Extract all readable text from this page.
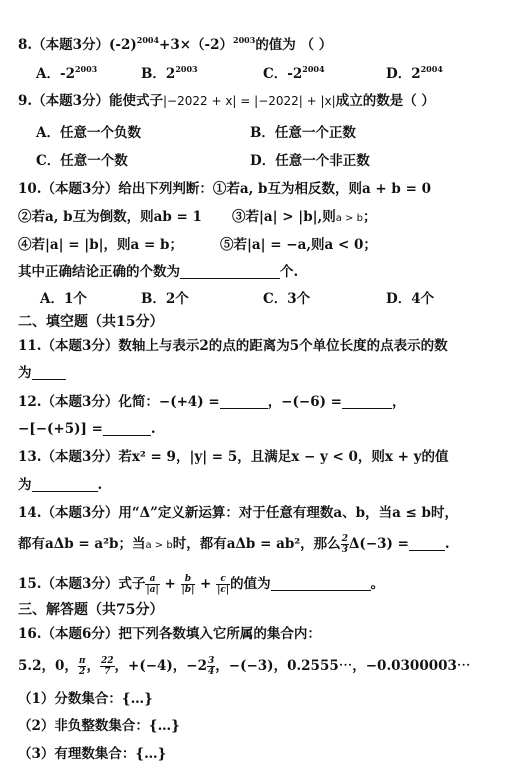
8.（本题3分）$(-2)^{2004}+3\times(-2)^{2003}$的值为 （ ）
A．$-2^{2003}$	B．$2^{2003}$	C．$-2^{2004}$	D．$2^{2004}$
9.（本题3分）能使式子|−2022 + x| = |−2022| + |x|成立的数是（ ）
A．任意一个负数	B．任意一个正数
C．任意一个数	D．任意一个非正数
10.（本题3分）给出下列判断：①若a, b互为相反数，则a + b = 0
②若a, b互为倒数，则ab = 1 ③若|a| > |b|,则a > b；
④若|a| = |b|，则a = b；	⑤若|a| = −a,则a < 0；
其中正确结论正确的个数为	个.
A．1个	B．2个	C．3个	D．4个
二、填空题（共15分）
11.（本题3分）数轴上与表示2的点的距离为5个单位长度的点表示的数
为
12.（本题3分）化简：−(+4) =	，−(−6) =	，
−[−(+5)] =	.
13.（本题3分）若x² = 9，|y| = 5，且满足x − y < 0，则x + y的值
为	.
14.（本题3分）用“Δ”定义新运算：对于任意有理数a、b，当a ≤ b时，
都有aΔb = a²b；当a > b时，都有aΔb = ab²，那么 $\frac{2}{3} \Delta(-3)$ =	.
15.（本题3分）式子 $\frac{a}{|a|} + \frac{b}{|b|} + \frac{c}{|c|}$ 的值为	。
三、解答题（共75分）
16.（本题6分）把下列各数填入它所属的集合内：
5.2，0， $\frac{\pi}{2}$ ， $\frac{22}{7}$ ，+(−4)，$-2 \frac{3}{4}$ ，−(−3)，0.2555⋯，−0.0300003⋯
（1）分数集合：{…}
（2）非负整数集合：{…}
（3）有理数集合：{…}
